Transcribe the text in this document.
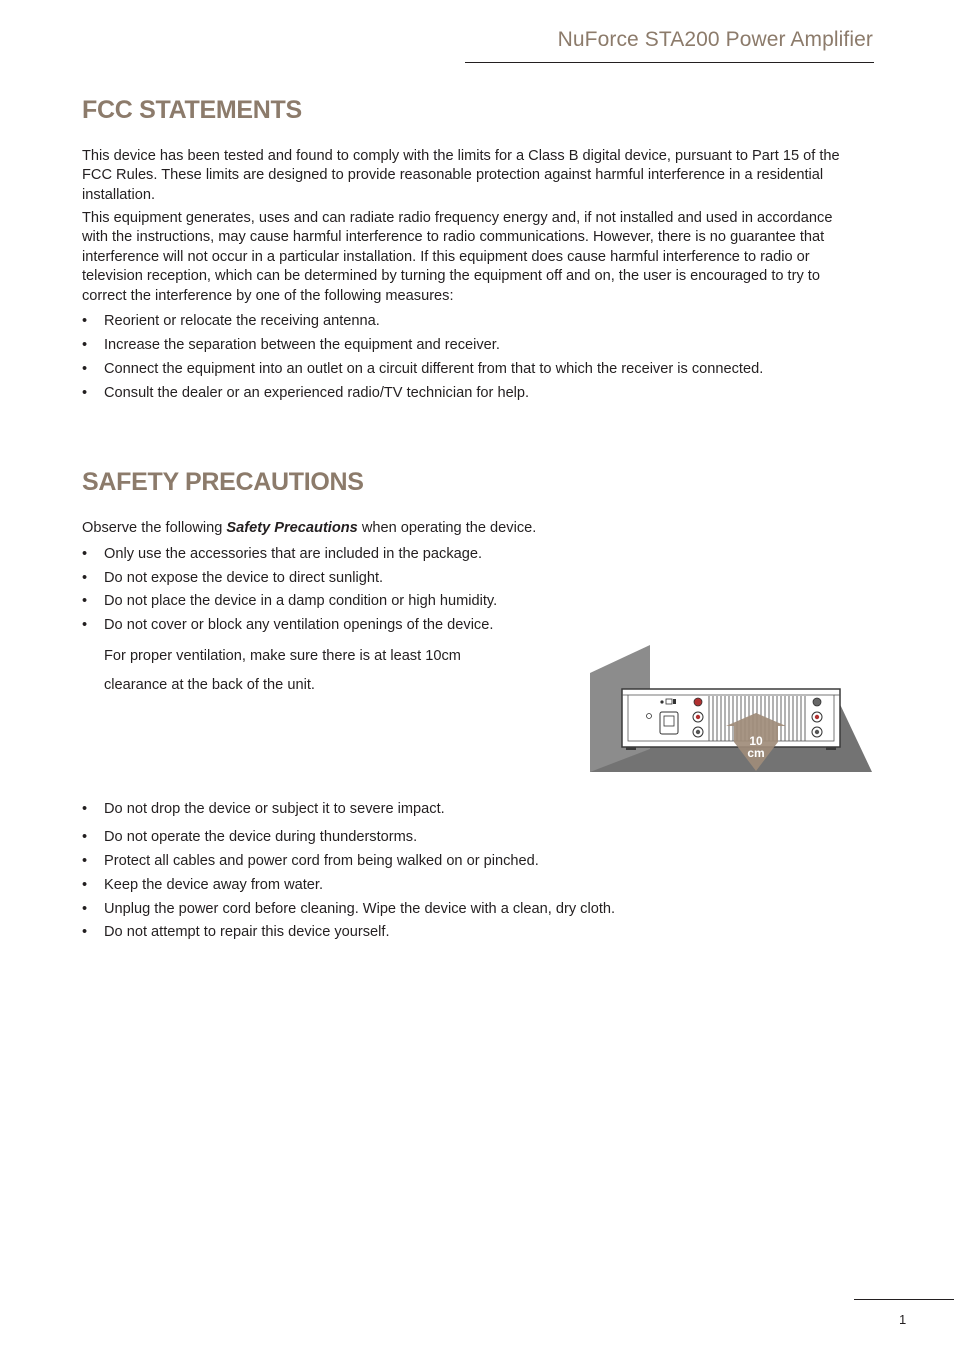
NuForce STA200 Power Amplifier
FCC STATEMENTS

This device has been tested and found to comply with the limits for a Class B digital device, pursuant to Part 15 of the FCC Rules. These limits are designed to provide reasonable protection against harmful interference in a residential installation.

This equipment generates, uses and can radiate radio frequency energy and, if not installed and used in accordance with the instructions, may cause harmful interference to radio communications. However, there is no guarantee that interference will not occur in a particular installation. If this equipment does cause harmful interference to radio or television reception, which can be determined by turning the equipment off and on, the user is encouraged to try to correct the interference by one of the following measures:

• Reorient or relocate the receiving antenna.
• Increase the separation between the equipment and receiver.
• Connect the equipment into an outlet on a circuit different from that to which the receiver is connected.
• Consult the dealer or an experienced radio/TV technician for help.
SAFETY PRECAUTIONS

Observe the following Safety Precautions when operating the device.

• Only use the accessories that are included in the package.
• Do not expose the device to direct sunlight.
• Do not place the device in a damp condition or high humidity.
• Do not cover or block any ventilation openings of the device.

For proper ventilation, make sure there is at least 10cm

clearance at the back of the unit.

10
cm
• Do not drop the device or subject it to severe impact.
• Do not operate the device during thunderstorms.
• Protect all cables and power cord from being walked on or pinched.
• Keep the device away from water.
• Unplug the power cord before cleaning. Wipe the device with a clean, dry cloth.
• Do not attempt to repair this device yourself.
1
